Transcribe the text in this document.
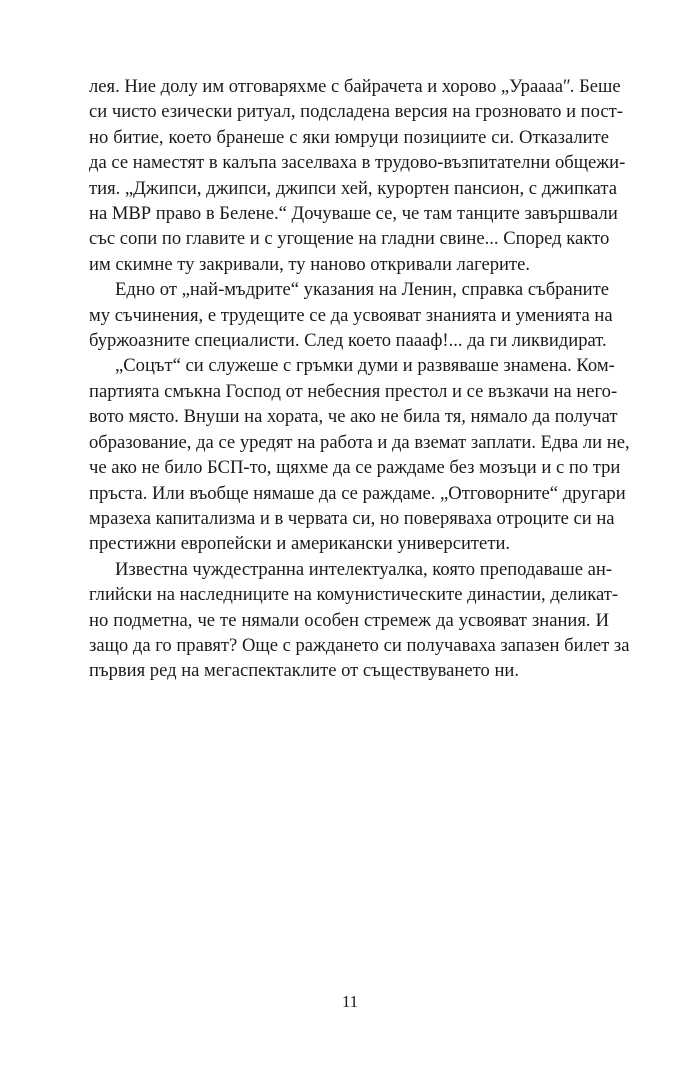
лея. Ние долу им отговаряхме с байрачета и хорово „Урааааʺ. Беше
си чисто езически ритуал, подсладена версия на грозновато и пост-
но битие, което бранеше с яки юмруци позициите си. Отказалите
да се наместят в калъпа заселваха в трудово-възпитателни общежи-
тия. „Джипси, джипси, джипси хей, курортен пансион, с джипката
на МВР право в Белене.“ Дочуваше се, че там танците завършвали
със сопи по главите и с угощение на гладни свине... Според както
им скимне ту закривали, ту наново откривали лагерите.
Едно от „най-мъдрите“ указания на Ленин, справка събраните
му съчинения, е трудещите се да усвояват знанията и уменията на
буржоазните специалисти. След което пааaф!... да ги ликвидират.
„Соцът“ си служеше с гръмки думи и развяваше знамена. Ком-
партията смъкна Господ от небесния престол и се възкачи на него-
вото място. Внуши на хората, че ако не била тя, нямало да получат
образование, да се уредят на работа и да вземат заплати. Едва ли не,
че ако не било БСП-то, щяхме да се раждаме без мозъци и с по три
пръста. Или въобще нямаше да се раждаме. „Отговорните“ другари
мразеха капитализма и в червата си, но поверяваха отроците си на
престижни европейски и американски университети.
Известна чуждестранна интелектуалка, която преподаваше ан-
глийски на наследниците на комунистическите династии, деликат-
но подметна, че те нямали особен стремеж да усвояват знания. И
защо да го правят? Още с раждането си получаваха запазен билет за
първия ред на мегаспектаклите от съществуването ни.
11
